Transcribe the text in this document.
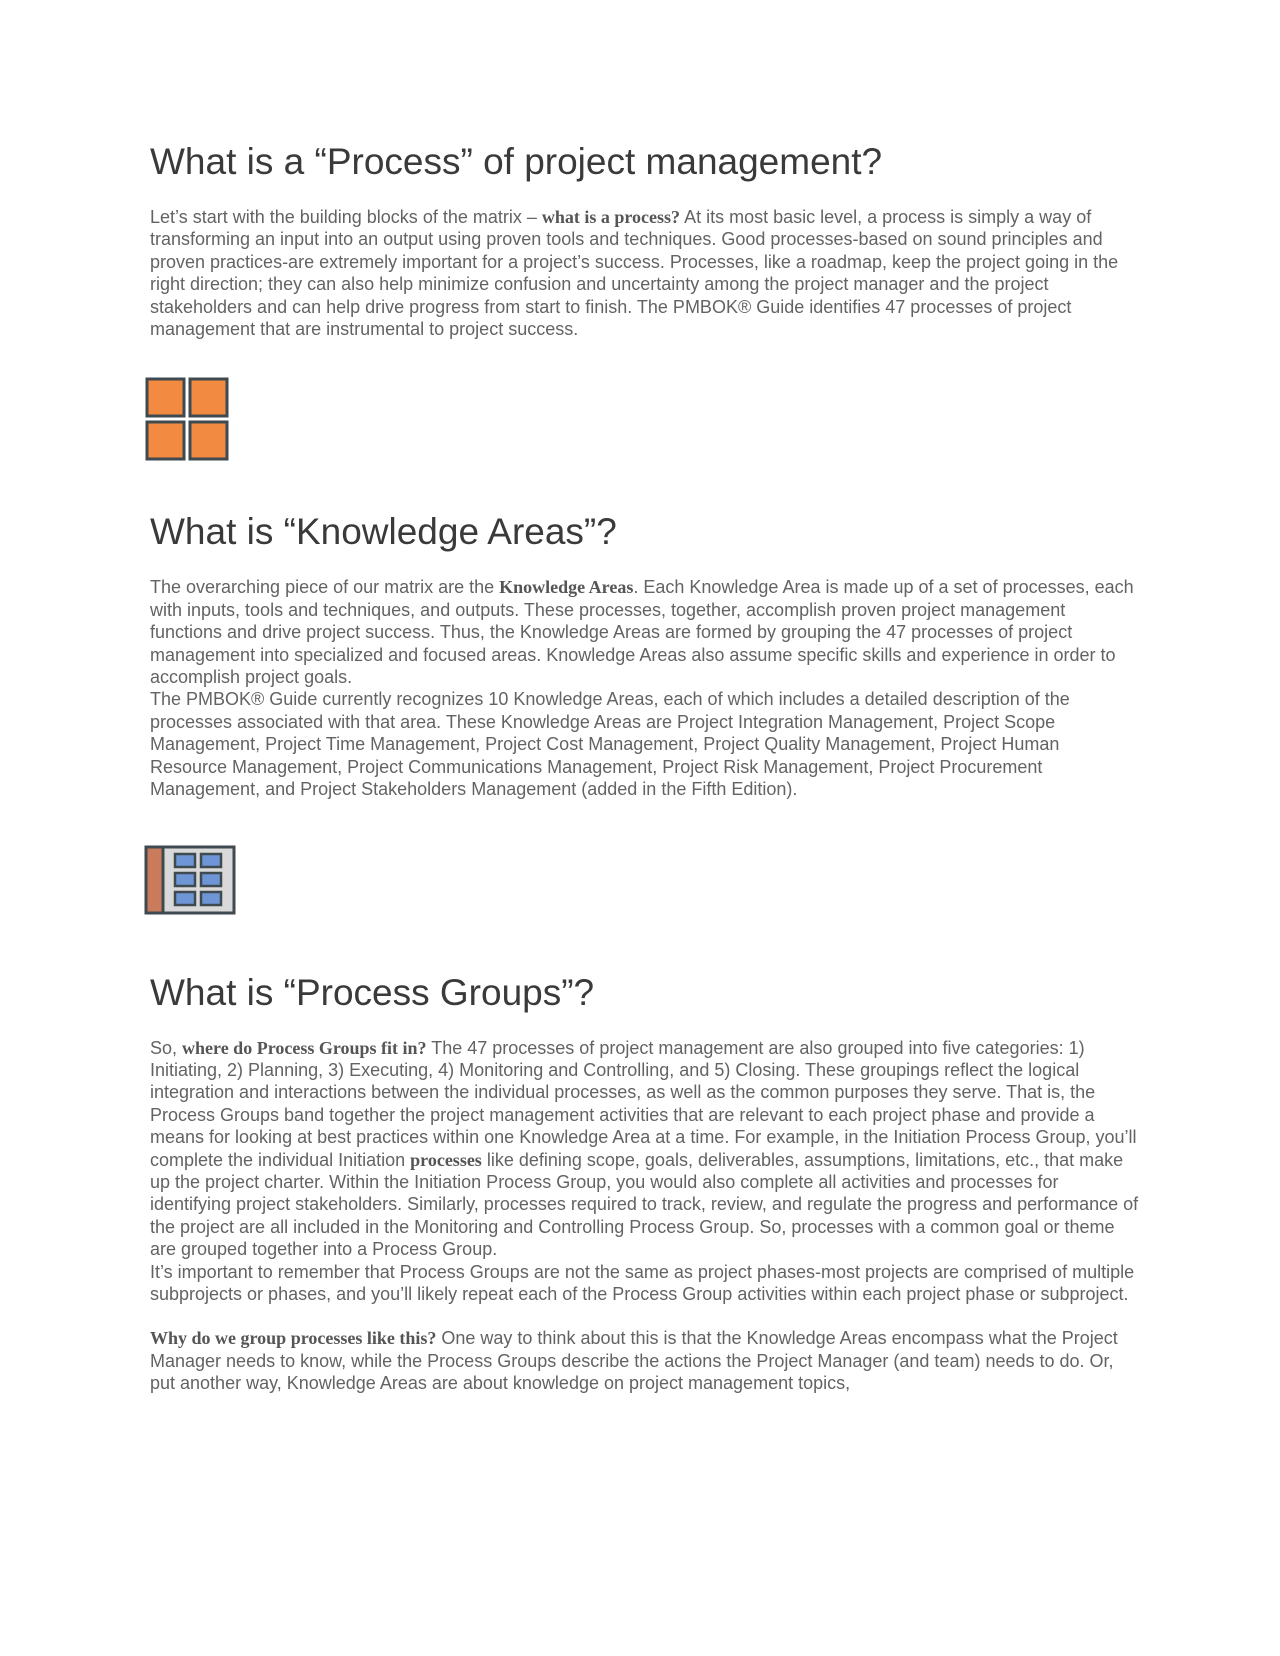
What is a “Process” of project management?

Let’s start with the building blocks of the matrix – what is a process? At its most basic level, a process is simply a way of transforming an input into an output using proven tools and techniques. Good processes-based on sound principles and proven practices-are extremely important for a project’s success. Processes, like a roadmap, keep the project going in the right direction; they can also help minimize confusion and uncertainty among the project manager and the project stakeholders and can help drive progress from start to finish. The PMBOK® Guide identifies 47 processes of project management that are instrumental to project success.

What is “Knowledge Areas”?

The overarching piece of our matrix are the Knowledge Areas. Each Knowledge Area is made up of a set of processes, each with inputs, tools and techniques, and outputs. These processes, together, accomplish proven project management functions and drive project success. Thus, the Knowledge Areas are formed by grouping the 47 processes of project management into specialized and focused areas. Knowledge Areas also assume specific skills and experience in order to accomplish project goals.

The PMBOK® Guide currently recognizes 10 Knowledge Areas, each of which includes a detailed description of the processes associated with that area. These Knowledge Areas are Project Integration Management, Project Scope Management, Project Time Management, Project Cost Management, Project Quality Management, Project Human Resource Management, Project Communications Management, Project Risk Management, Project Procurement Management, and Project Stakeholders Management (added in the Fifth Edition).

What is “Process Groups”?

So, where do Process Groups fit in? The 47 processes of project management are also grouped into five categories: 1) Initiating, 2) Planning, 3) Executing, 4) Monitoring and Controlling, and 5) Closing. These groupings reflect the logical integration and interactions between the individual processes, as well as the common purposes they serve. That is, the Process Groups band together the project management activities that are relevant to each project phase and provide a means for looking at best practices within one Knowledge Area at a time. For example, in the Initiation Process Group, you’ll complete the individual Initiation processes like defining scope, goals, deliverables, assumptions, limitations, etc., that make up the project charter. Within the Initiation Process Group, you would also complete all activities and processes for identifying project stakeholders. Similarly, processes required to track, review, and regulate the progress and performance of the project are all included in the Monitoring and Controlling Process Group. So, processes with a common goal or theme are grouped together into a Process Group.

It’s important to remember that Process Groups are not the same as project phases-most projects are comprised of multiple subprojects or phases, and you’ll likely repeat each of the Process Group activities within each project phase or subproject.

Why do we group processes like this? One way to think about this is that the Knowledge Areas encompass what the Project Manager needs to know, while the Process Groups describe the actions the Project Manager (and team) needs to do. Or, put another way, Knowledge Areas are about knowledge on project management topics,
